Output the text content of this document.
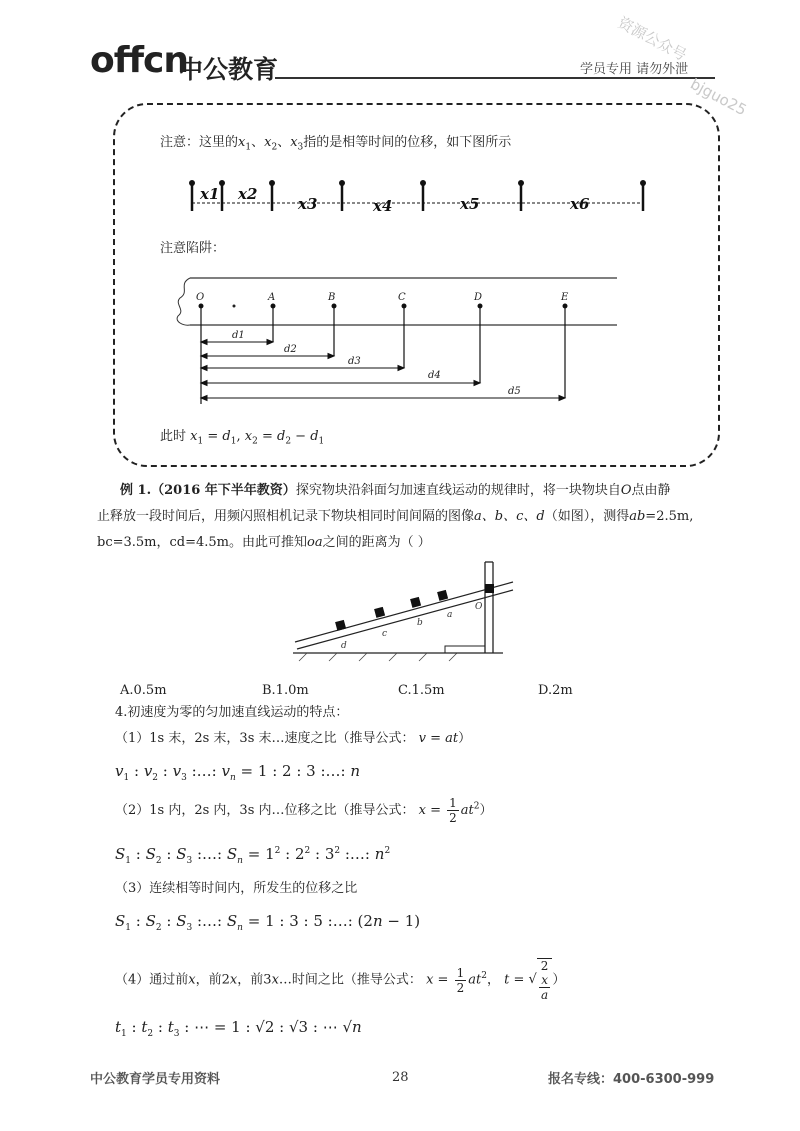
offcn
中公教育	学员专用 请勿外泄
资源公众号
bjguo25
注意：这里的$x_1$、$x_2$、$x_3$指的是相等时间的位移，如下图所示
x1 x2
x3	x4	x5	x6
注意陷阱：
O	A	B	C	D	E
d1
d2
d3
d4
d5
此时 $x_1 = d_1$, $x_2 = d_2 - d_1$
例 1.（2016 年下半年教资）探究物块沿斜面匀加速直线运动的规律时，将一块物块自O点由静
止释放一段时间后，用频闪照相机记录下物块相同时间间隔的图像a、b、c、d（如图），测得ab=2.5m,
bc=3.5m，cd=4.5m。由此可推知oa之间的距离为（ ）
d
c
b
a
O
A.0.5m	B.1.0m	C.1.5m	D.2m
4.初速度为零的匀加速直线运动的特点：
（1）1s 末，2s 末，3s 末…速度之比（推导公式： v = at）
$v_1$ : $v_2$ : $v_3$ :…: $v_n = 1$ : 2 : 3 :…: n
（2）1s 内，2s 内，3s 内…位移之比（推导公式： $x = \frac{1}{2} at^2$）
$S_1$ : $S_2$ : $S_3$ :…: $S_n = 1^2$ : $2^2$ : $3^2$ :…: $n^2$
（3）连续相等时间内，所发生的位移之比
$S_1$ : $S_2$ : $S_3$ :…: $S_n = 1$ : 3 : 5 :…: (2n − 1)
（4）通过前x，前2x，前3x…时间之比（推导公式： $x = \frac{1}{2} at^2$， t = √ 2
x
a ）
$t_1$ : $t_2$ : $t_3$ : ⋯ = 1 : √2 : √3 : ⋯ √n
中公教育学员专用资料	28	报名专线：400-6300-999
